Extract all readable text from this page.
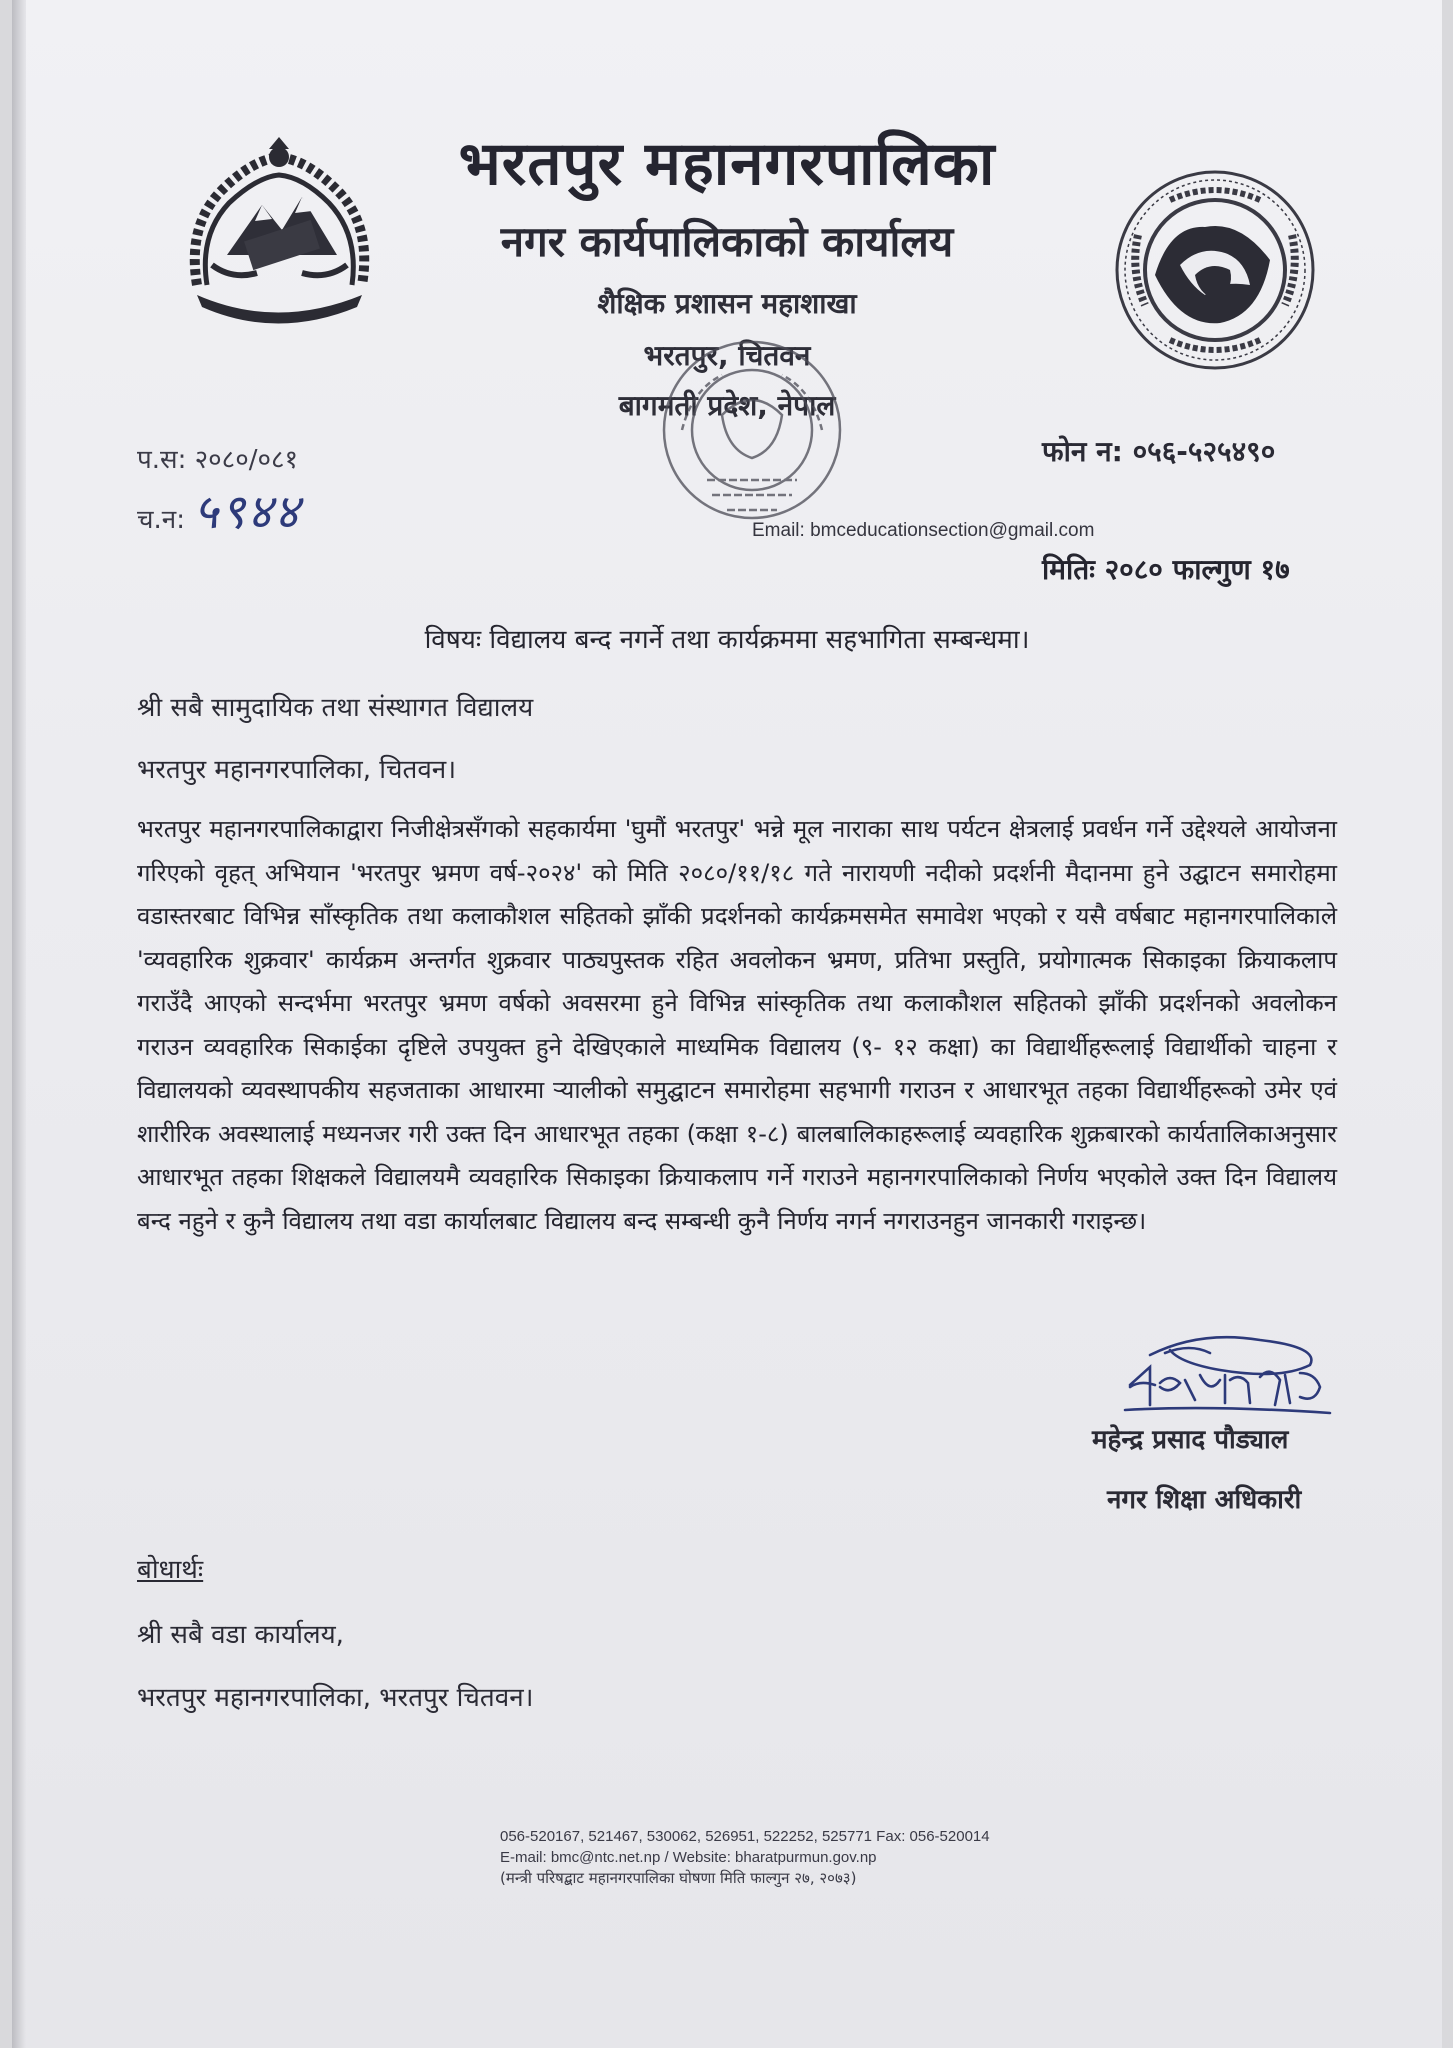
भरतपुर महानगरपालिका
नगर कार्यपालिकाको कार्यालय
शैक्षिक प्रशासन महाशाखा
भरतपुर, चितवन
बागमती प्रदेश, नेपाल
प.स: २०८०/०८१
च.न: ५९४४
फोन न: ०५६-५२५४९०
Email: bmceducationsection@gmail.com
मितिः २०८० फाल्गुण १७
विषयः विद्यालय बन्द नगर्ने तथा कार्यक्रममा सहभागिता सम्बन्धमा।
श्री सबै सामुदायिक तथा संस्थागत विद्यालय
भरतपुर महानगरपालिका, चितवन।
भरतपुर महानगरपालिकाद्वारा निजीक्षेत्रसँगको सहकार्यमा 'घुमौं भरतपुर' भन्ने मूल नाराका साथ पर्यटन क्षेत्रलाई प्रवर्धन गर्ने उद्देश्यले आयोजना गरिएको वृहत् अभियान 'भरतपुर भ्रमण वर्ष-२०२४' को मिति २०८०/११/१८ गते नारायणी नदीको प्रदर्शनी मैदानमा हुने उद्घाटन समारोहमा वडास्तरबाट विभिन्न साँस्कृतिक तथा कलाकौशल सहितको झाँकी प्रदर्शनको कार्यक्रमसमेत समावेश भएको र यसै वर्षबाट महानगरपालिकाले 'व्यवहारिक शुक्रवार' कार्यक्रम अन्तर्गत शुक्रवार पाठ्यपुस्तक रहित अवलोकन भ्रमण, प्रतिभा प्रस्तुति, प्रयोगात्मक सिकाइका क्रियाकलाप गराउँदै आएको सन्दर्भमा भरतपुर भ्रमण वर्षको अवसरमा हुने विभिन्न सांस्कृतिक तथा कलाकौशल सहितको झाँकी प्रदर्शनको अवलोकन गराउन व्यवहारिक सिकाईका दृष्टिले उपयुक्त हुने देखिएकाले माध्यमिक विद्यालय (९- १२ कक्षा) का विद्यार्थीहरूलाई विद्यार्थीको चाहना र विद्यालयको व्यवस्थापकीय सहजताका आधारमा र्‍यालीको समुद्घाटन समारोहमा सहभागी गराउन र आधारभूत तहका विद्यार्थीहरूको उमेर एवं शारीरिक अवस्थालाई मध्यनजर गरी उक्त दिन आधारभूत तहका (कक्षा १-८) बालबालिकाहरूलाई व्यवहारिक शुक्रबारको कार्यतालिकाअनुसार आधारभूत तहका शिक्षकले विद्यालयमै व्यवहारिक सिकाइका क्रियाकलाप गर्ने गराउने महानगरपालिकाको निर्णय भएकोले उक्त दिन विद्यालय बन्द नहुने र कुनै विद्यालय तथा वडा कार्यालबाट विद्यालय बन्द सम्बन्धी कुनै निर्णय नगर्न नगराउनहुन जानकारी गराइन्छ।
महेन्द्र प्रसाद पौड्याल
नगर शिक्षा अधिकारी
बोधार्थः
श्री सबै वडा कार्यालय,
भरतपुर महानगरपालिका, भरतपुर चितवन।
056-520167, 521467, 530062, 526951, 522252, 525771 Fax: 056-520014
E-mail: bmc@ntc.net.np / Website: bharatpurmun.gov.np
(मन्त्री परिषद्बाट महानगरपालिका घोषणा मिति फाल्गुन २७, २०७३)
